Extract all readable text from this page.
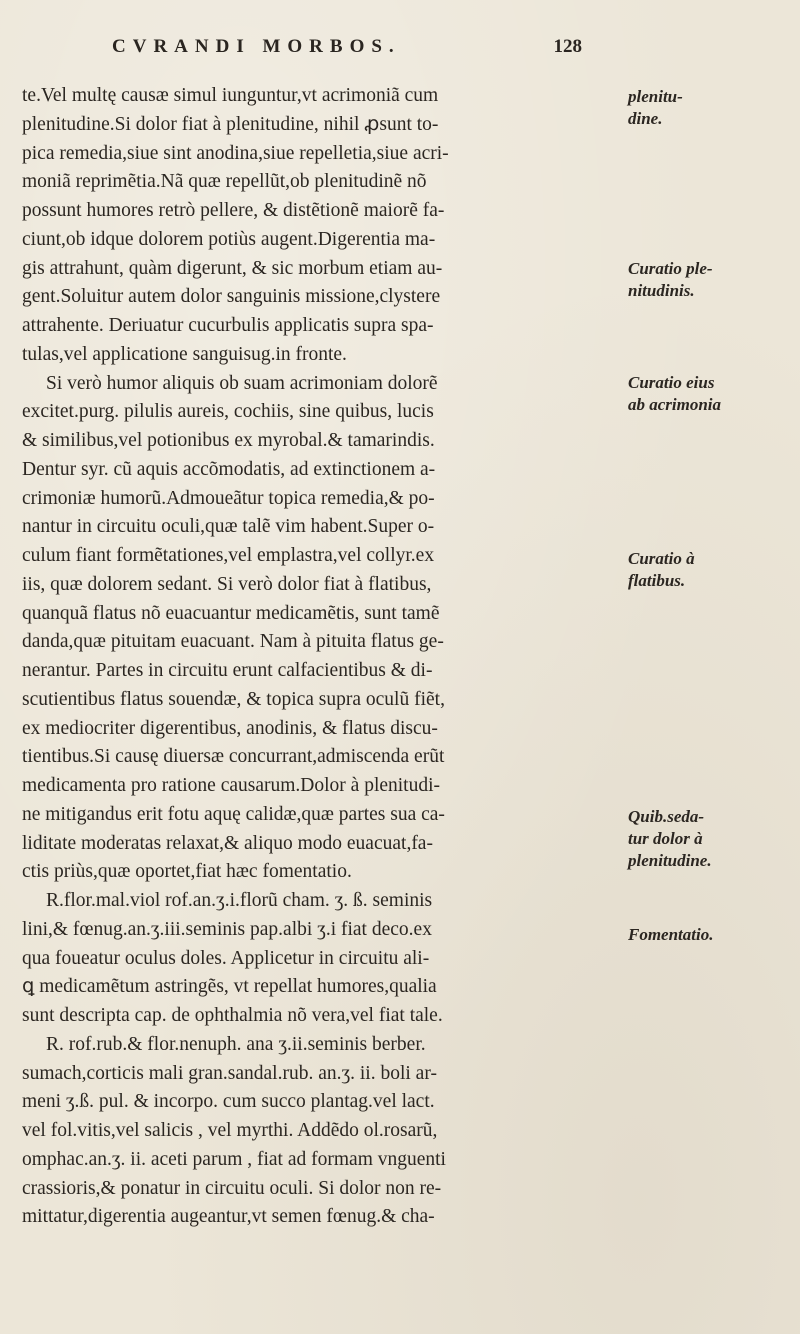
CVRANDI MORBOS.	128
te.Vel multę causæ simul iunguntur,vt acrimoniã cum
plenitudine.Si dolor fiat à plenitudine, nihil ꝓsunt to-
pica remedia,siue sint anodina,siue repelletia,siue acri-
moniã reprimẽtia.Nã quæ repellũt,ob plenitudinẽ nõ
possunt humores retrò pellere, & distẽtionẽ maiorẽ fa-
ciunt,ob idque dolorem potiùs augent.Digerentia ma-
gis attrahunt, quàm digerunt, & sic morbum etiam au-
gent.Soluitur autem dolor sanguinis missione,clystere
attrahente. Deriuatur cucurbulis applicatis supra spa-
tulas,vel applicatione sanguisug.in fronte.
Si verò humor aliquis ob suam acrimoniam dolorẽ
excitet.purg. pilulis aureis, cochiis, sine quibus, lucis
& similibus,vel potionibus ex myrobal.& tamarindis.
Dentur syr. cũ aquis accõmodatis, ad extinctionem a-
crimoniæ humorũ.Admoueãtur topica remedia,& po-
nantur in circuitu oculi,quæ talẽ vim habent.Super o-
culum fiant formẽtationes,vel emplastra,vel collyr.ex
iis, quæ dolorem sedant. Si verò dolor fiat à flatibus,
quanquã flatus nõ euacuantur medicamẽtis, sunt tamẽ
danda,quæ pituitam euacuant. Nam à pituita flatus ge-
nerantur. Partes in circuitu erunt calfacientibus & di-
scutientibus flatus souendæ, & topica supra oculũ fiẽt,
ex mediocriter digerentibus, anodinis, & flatus discu-
tientibus.Si causę diuersæ concurrant,admiscenda erũt
medicamenta pro ratione causarum.Dolor à plenitudi-
ne mitigandus erit fotu aquę calidæ,quæ partes sua ca-
liditate moderatas relaxat,& aliquo modo euacuat,fa-
ctis priùs,quæ oportet,fiat hæc fomentatio.
R.flor.mal.viol rof.an.ʒ.i.florũ cham. ʒ. ß. seminis
lini,& fœnug.an.ʒ.iii.seminis pap.albi ʒ.i fiat deco.ex
qua foueatur oculus doles. Applicetur in circuitu ali-
ꝗ medicamẽtum astringẽs, vt repellat humores,qualia
sunt descripta cap. de ophthalmia nõ vera,vel fiat tale.
R. rof.rub.& flor.nenuph. ana ʒ.ii.seminis berber.
sumach,corticis mali gran.sandal.rub. an.ʒ. ii. boli ar-
meni ʒ.ß. pul. & incorpo. cum succo plantag.vel lact.
vel fol.vitis,vel salicis , vel myrthi. Addẽdo ol.rosarũ,
omphac.an.ʒ. ii. aceti parum , fiat ad formam vnguenti
crassioris,& ponatur in circuitu oculi. Si dolor non re-
mittatur,digerentia augeantur,vt semen fœnug.& cha-
plenitu-
dine.
Curatio ple-
nitudinis.
Curatio eius
ab acrimonia
Curatio à
flatibus.
Quib.seda-
tur dolor à
plenitudine.
Fomentatio.
